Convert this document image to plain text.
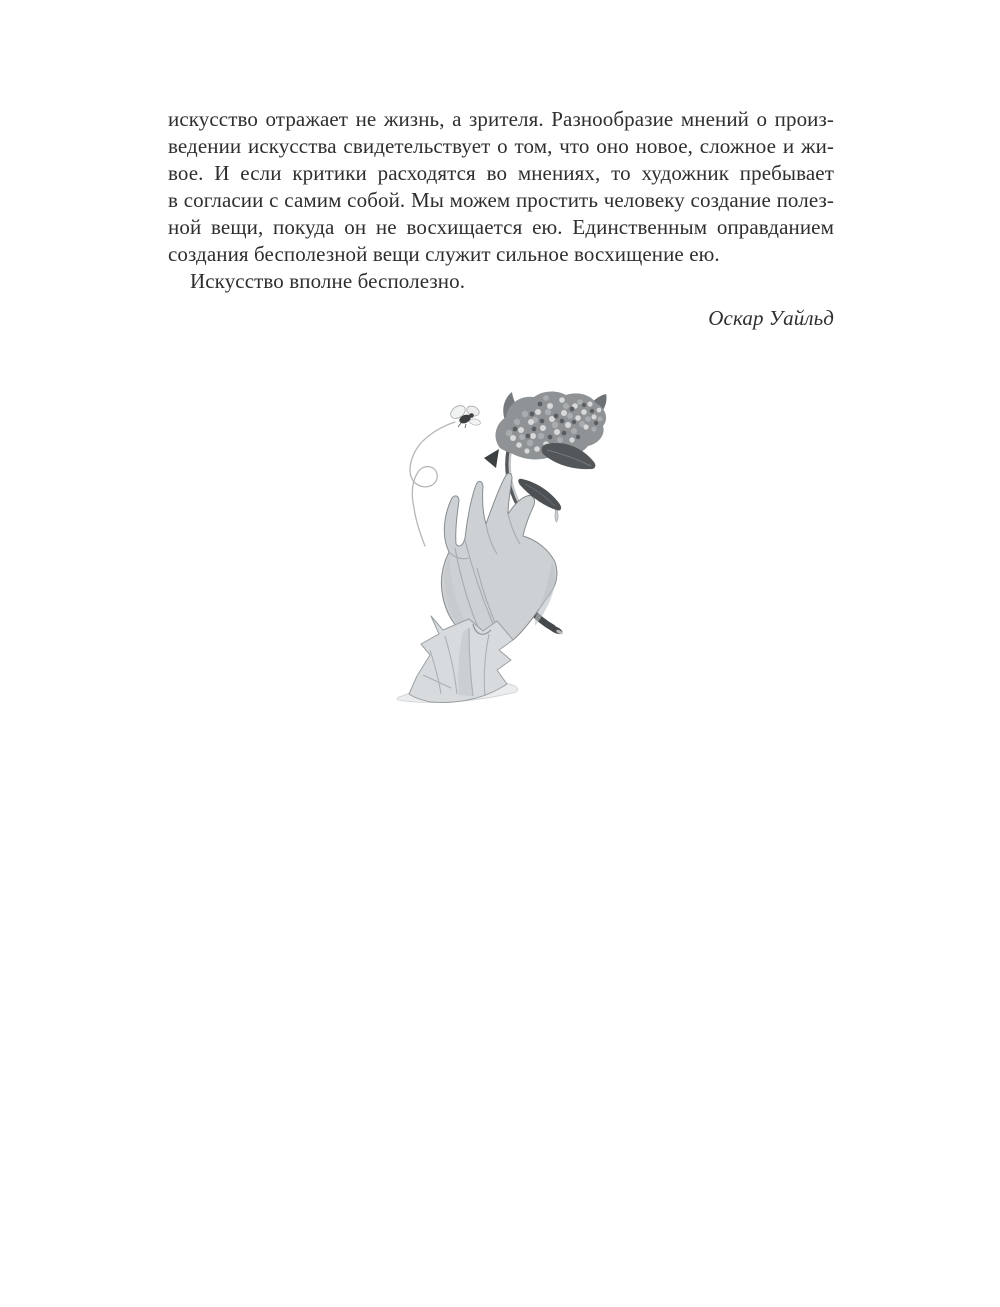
искусство отражает не жизнь, а зрителя. Разнообразие мнений о произ-

ведении искусства свидетельствует о том, что оно новое, сложное и жи-

вое. И если критики расходятся во мнениях, то художник пребывает

в согласии с самим собой. Мы можем простить человеку создание полез-

ной вещи, покуда он не восхищается ею. Единственным оправданием

создания бесполезной вещи служит сильное восхищение ею.

Искусство вполне бесполезно.

Оскар Уайльд
